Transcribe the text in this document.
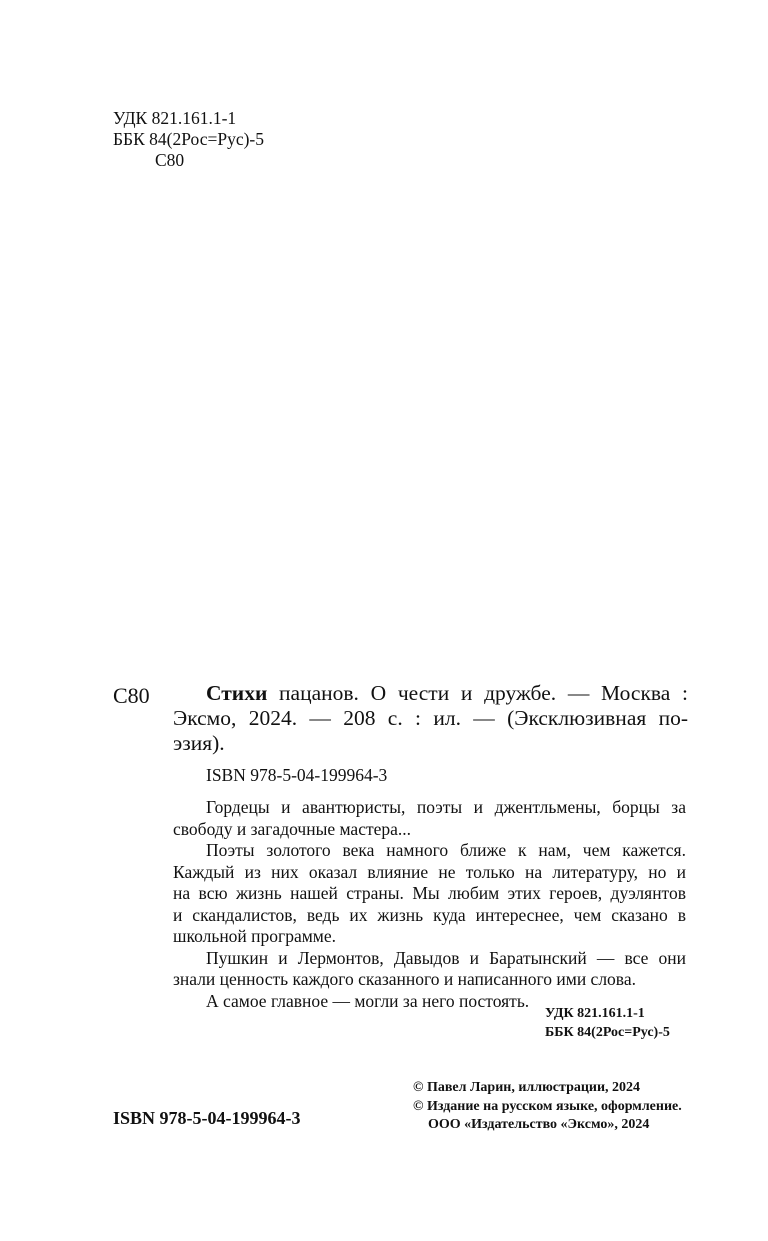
УДК 821.161.1-1
ББК 84(2Рос=Рус)-5
С80
С80	Стихи пацанов. О чести и дружбе. — Москва :
Эксмо, 2024. — 208 с. : ил. — (Эксклюзивная по-
эзия).
ISBN 978-5-04-199964-3

Гордецы и авантюристы, поэты и джентльмены, борцы за
свободу и загадочные мастера...

Поэты золотого века намного ближе к нам, чем кажется.
Каждый из них оказал влияние не только на литературу, но и
на всю жизнь нашей страны. Мы любим этих героев, дуэлянтов
и скандалистов, ведь их жизнь куда интереснее, чем сказано в
школьной программе.

Пушкин и Лермонтов, Давыдов и Баратынский — все они
знали ценность каждого сказанного и написанного ими слова.

А самое главное — могли за него постоять.

УДК 821.161.1-1
ББК 84(2Рос=Рус)-5
© Павел Ларин, иллюстрации, 2024
© Издание на русском языке, оформление.
ООО «Издательство «Эксмо», 2024
ISBN 978-5-04-199964-3
